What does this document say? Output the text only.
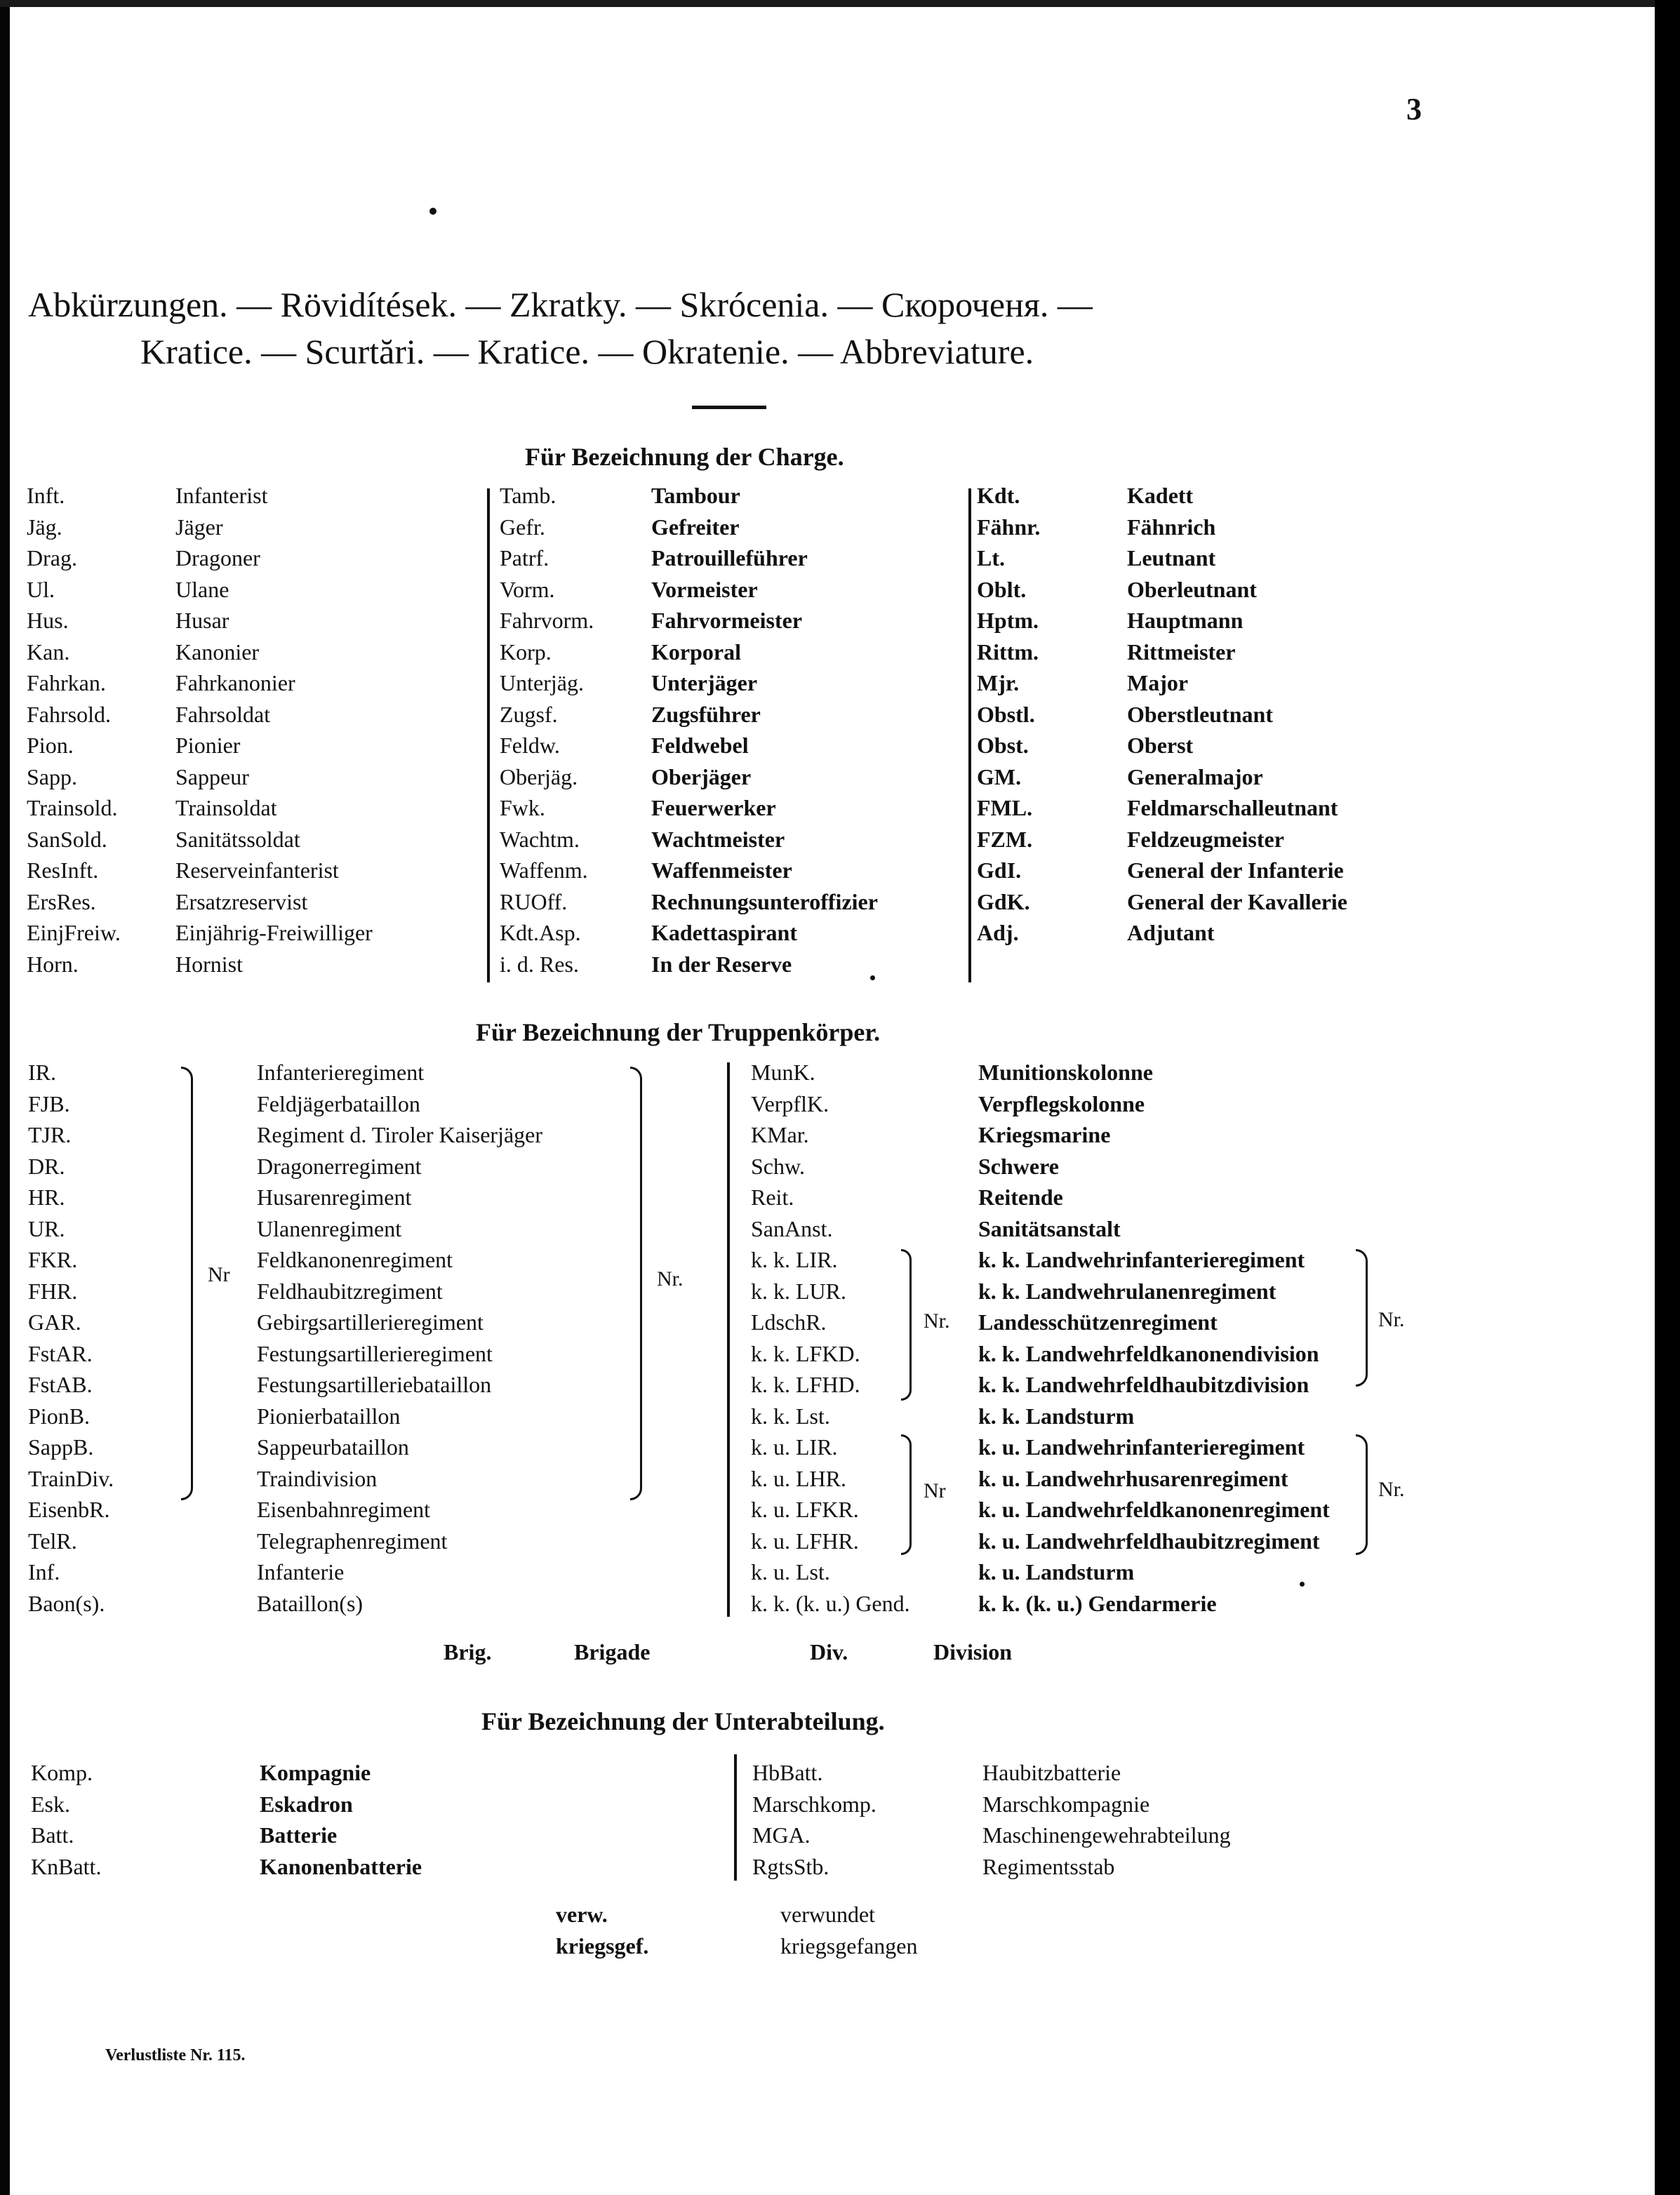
3
Abkürzungen. — Rövidítések. — Zkratky. — Skrócenia. — Скороченя. —
Kratice. — Scurtări. — Kratice. — Okratenie. — Abbreviature.
Für Bezeichnung der Charge.
Inft.	Infanterist
Jäg.	Jäger
Drag.	Dragoner
Ul.	Ulane
Hus.	Husar
Kan.	Kanonier
Fahrkan.	Fahrkanonier
Fahrsold.	Fahrsoldat
Pion.	Pionier
Sapp.	Sappeur
Trainsold.	Trainsoldat
SanSold.	Sanitätssoldat
ResInft.	Reserveinfanterist
ErsRes.	Ersatzreservist
EinjFreiw. Einjährig-Freiwilliger
Horn.	Hornist
Tamb.	Tambour
Gefr.	Gefreiter
Patrf.	Patrouilleführer
Vorm.	Vormeister
Fahrvorm.	Fahrvormeister
Korp.	Korporal
Unterjäg.	Unterjäger
Zugsf.	Zugsführer
Feldw.	Feldwebel
Oberjäg.	Oberjäger
Fwk.	Feuerwerker
Wachtm.	Wachtmeister
Waffenm.	Waffenmeister
RUOff.	Rechnungsunteroffizier
Kdt.Asp.	Kadettaspirant
i. d. Res.	In der Reserve
Kdt.	Kadett
Fähnr.	Fähnrich
Lt.	Leutnant
Oblt.	Oberleutnant
Hptm.	Hauptmann
Rittm.	Rittmeister
Mjr.	Major
Obstl.	Oberstleutnant
Obst.	Oberst
GM.	Generalmajor
FML.	Feldmarschalleutnant
FZM.	Feldzeugmeister
GdI.	General der Infanterie
GdK.	General der Kavallerie
Adj.	Adjutant
Für Bezeichnung der Truppenkörper.
IR.	Infanterieregiment
FJB.	Feldjägerbataillon
TJR.	Regiment d. Tiroler Kaiserjäger
DR.	Dragonerregiment
HR.	Husarenregiment
UR.	Ulanenregiment
FKR.	Feldkanonenregiment
FHR.	Feldhaubitzregiment
GAR.	Gebirgsartillerieregiment
FstAR.	Festungsartillerieregiment
FstAB.	Festungsartilleriebataillon
PionB.	Pionierbataillon
SappB.	Sappeurbataillon
TrainDiv.	Traindivision
EisenbR.	Eisenbahnregiment
TelR.	Telegraphenregiment
Inf.	Infanterie
Baon(s).	Bataillon(s)
MunK.	Munitionskolonne
VerpflK.	Verpflegskolonne
KMar.	Kriegsmarine
Schw.	Schwere
Reit.	Reitende
SanAnst.	Sanitätsanstalt
k. k. LIR.	k. k. Landwehrinfanterieregiment
k. k. LUR.	k. k. Landwehrulanenregiment
LdschR.	Landesschützenregiment
k. k. LFKD.	k. k. Landwehrfeldkanonendivision
k. k. LFHD.	k. k. Landwehrfeldhaubitzdivision
k. k. Lst.	k. k. Landsturm
k. u. LIR.	k. u. Landwehrinfanterieregiment
k. u. LHR.	k. u. Landwehrhusarenregiment
k. u. LFKR.	k. u. Landwehrfeldkanonenregiment
k. u. LFHR.	k. u. Landwehrfeldhaubitzregiment
k. u. Lst.	k. u. Landsturm
k. k. (k. u.) Gend.	k. k. (k. u.) Gendarmerie
Nr	Nr.
Nr.
Nr
Nr.
Nr.
Brig.	Brigade	Div.	Division
Für Bezeichnung der Unterabteilung.
Komp.	Kompagnie
Esk.	Eskadron
Batt.	Batterie
KnBatt.	Kanonenbatterie
HbBatt.	Haubitzbatterie
Marschkomp.	Marschkompagnie
MGA.	Maschinengewehrabteilung
RgtsStb.	Regimentsstab
verw.	verwundet
kriegsgef.	kriegsgefangen
Verlustliste Nr. 115.
